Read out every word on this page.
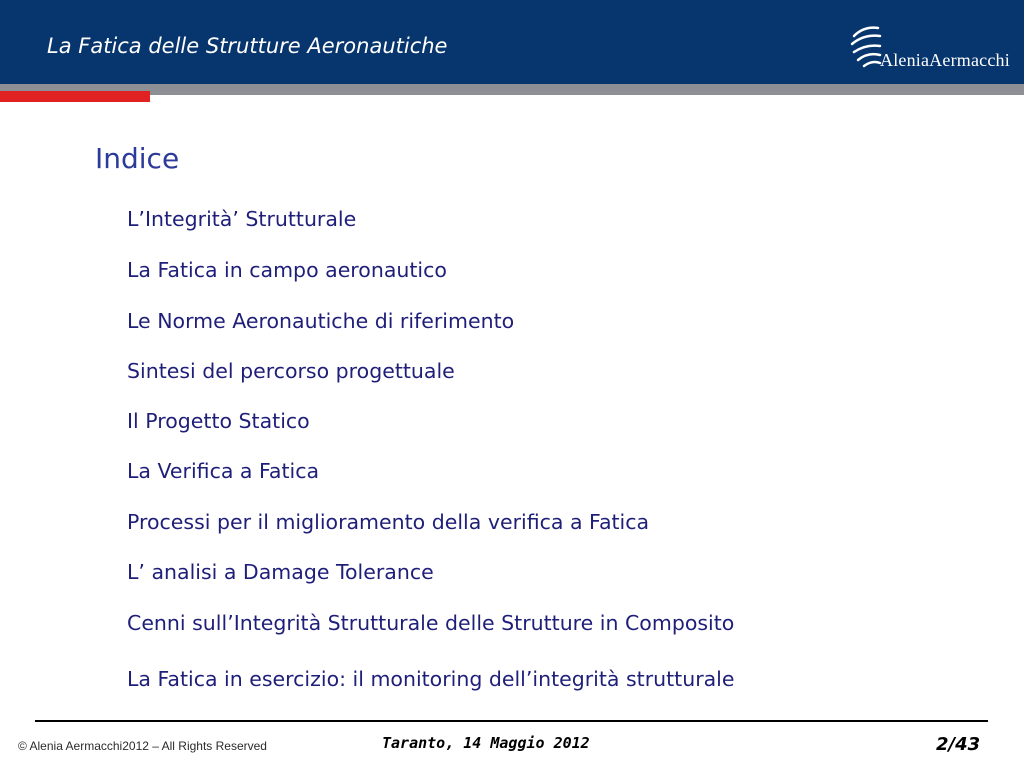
La Fatica delle Strutture Aeronautiche
AleniaAermacchi
Indice
L’Integrità’ Strutturale
La Fatica in campo aeronautico
Le Norme Aeronautiche di riferimento
Sintesi del percorso progettuale
Il Progetto Statico
La Verifica a Fatica
Processi per il miglioramento della verifica a Fatica
L’ analisi a Damage Tolerance
Cenni sull’Integrità Strutturale delle Strutture in Composito
La Fatica in esercizio: il monitoring dell’integrità strutturale
© Alenia Aermacchi2012 – All Rights Reserved	Taranto, 14 Maggio 2012	2/43
